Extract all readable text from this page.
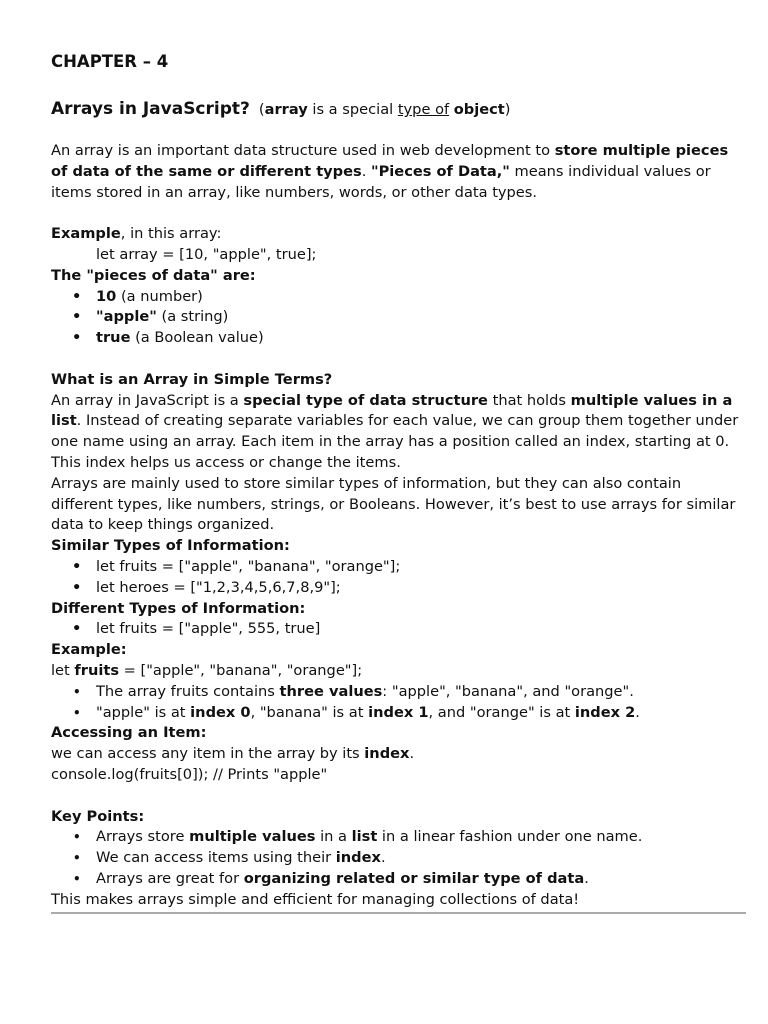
CHAPTER – 4
Arrays in JavaScript? (array is a special type of object)

An array is an important data structure used in web development to store multiple pieces of data of the same or different types. "Pieces of Data," means individual values or items stored in an array, like numbers, words, or other data types.

Example, in this array:

let array = [10, "apple", true];

The "pieces of data" are:

• 10 (a number)
• "apple" (a string)
• true (a Boolean value)

What is an Array in Simple Terms?

An array in JavaScript is a special type of data structure that holds multiple values in a list. Instead of creating separate variables for each value, we can group them together under one name using an array. Each item in the array has a position called an index, starting at 0. This index helps us access or change the items.

Arrays are mainly used to store similar types of information, but they can also contain different types, like numbers, strings, or Booleans. However, it’s best to use arrays for similar data to keep things organized.

Similar Types of Information:

• let fruits = ["apple", "banana", "orange"];
• let heroes = ["1,2,3,4,5,6,7,8,9"];

Different Types of Information:

• let fruits = ["apple", 555, true]

Example:

let fruits = ["apple", "banana", "orange"];

• The array fruits contains three values: "apple", "banana", and "orange".
• "apple" is at index 0, "banana" is at index 1, and "orange" is at index 2.

Accessing an Item:

we can access any item in the array by its index.

console.log(fruits[0]); // Prints "apple"

Key Points:

• Arrays store multiple values in a list in a linear fashion under one name.
• We can access items using their index.
• Arrays are great for organizing related or similar type of data.

This makes arrays simple and efficient for managing collections of data!
